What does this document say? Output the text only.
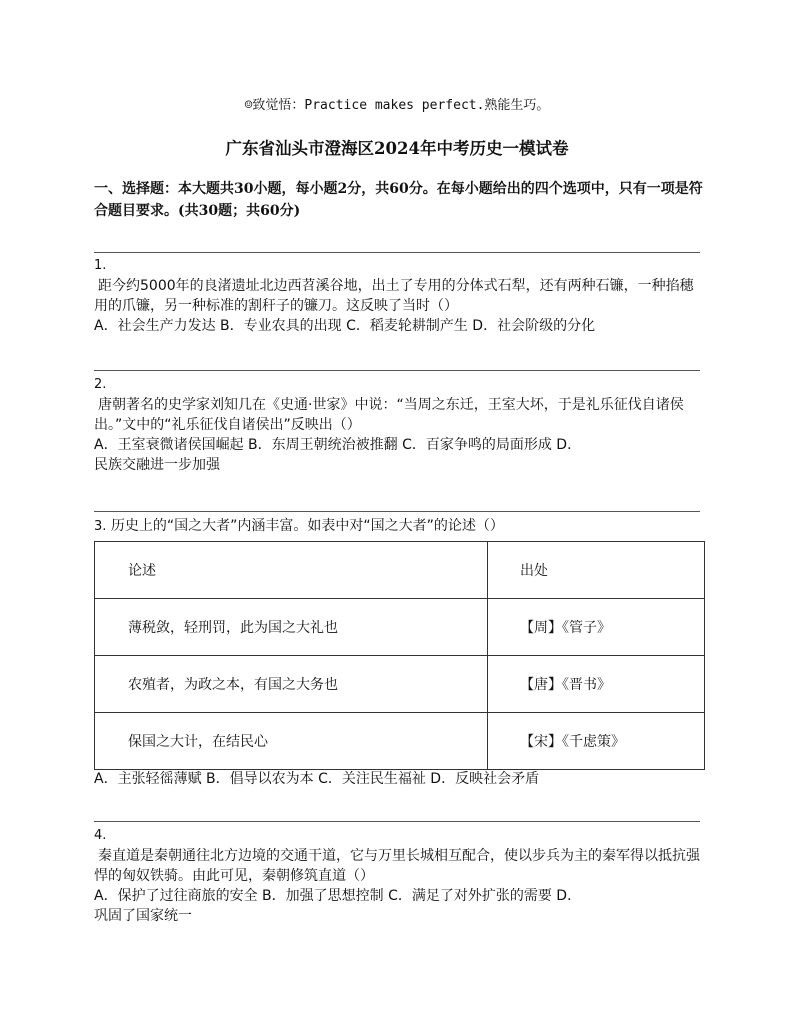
☺致觉悟：Practice makes perfect.熟能生巧。
广东省汕头市澄海区2024年中考历史一模试卷
一、选择题：本大题共30小题，每小题2分，共60分。在每小题给出的四个选项中，只有一项是符合题目要求。(共30题；共60分)

1.

距今约5000年的良渚遗址北边西苕溪谷地，出土了专用的分体式石犁，还有两种石镰，一种掐穗用的爪镰，另一种标准的割秆子的镰刀。这反映了当时（）

A．社会生产力发达 B．专业农具的出现 C．稻麦轮耕制产生 D．社会阶级的分化

2.

唐朝著名的史学家刘知几在《史通·世家》中说：“当周之东迁，王室大坏，于是礼乐征伐自诸侯出。”文中的“礼乐征伐自诸侯出”反映出（）

A．王室衰微诸侯国崛起 B．东周王朝统治被推翻 C．百家争鸣的局面形成 D．

民族交融进一步加强

3. 历史上的“国之大者”内涵丰富。如表中对“国之大者”的论述（）

论述	出处
薄税敛，轻刑罚，此为国之大礼也	【周】《管子》
农殖者，为政之本，有国之大务也	【唐】《晋书》
保国之大计，在结民心	【宋】《千虑策》

A．主张轻徭薄赋 B．倡导以农为本 C．关注民生福祉 D．反映社会矛盾

4.

秦直道是秦朝通往北方边境的交通干道，它与万里长城相互配合，使以步兵为主的秦军得以抵抗强悍的匈奴铁骑。由此可见，秦朝修筑直道（）

A．保护了过往商旅的安全 B．加强了思想控制 C．满足了对外扩张的需要 D．

巩固了国家统一
